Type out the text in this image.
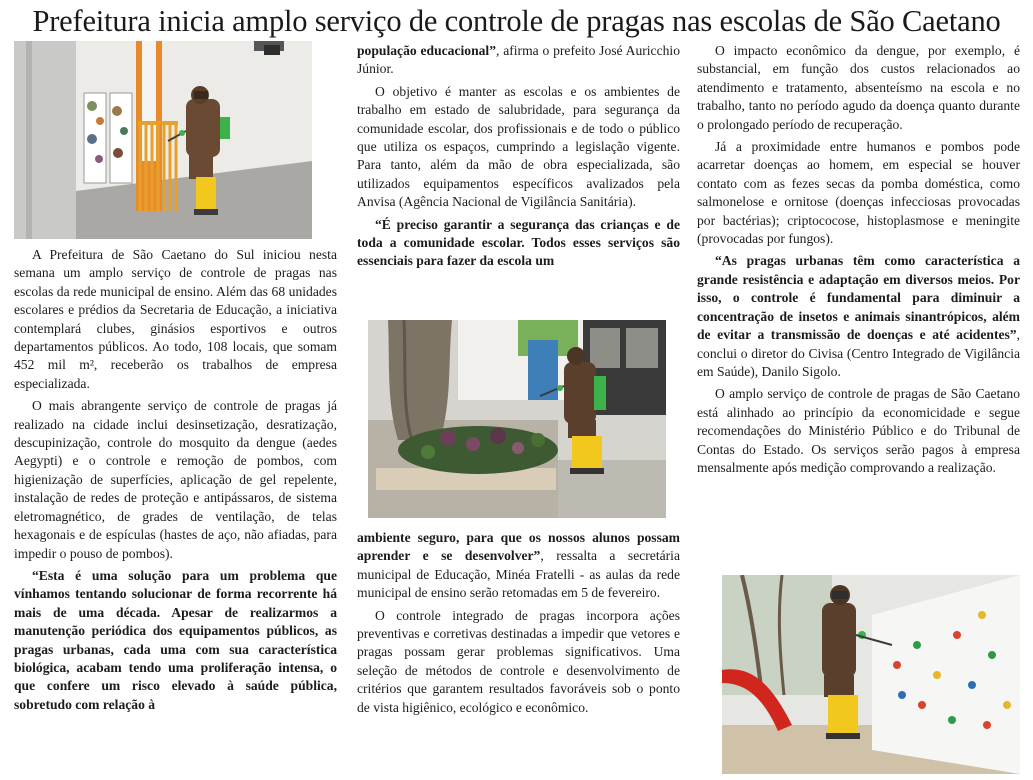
Prefeitura inicia amplo serviço de controle de pragas nas escolas de São Caetano

A Prefeitura de São Caetano do Sul iniciou nesta semana um amplo serviço de controle de pragas nas escolas da rede municipal de ensino. Além das 68 unidades escolares e prédios da Secretaria de Educação, a iniciativa contemplará clubes, ginásios esportivos e outros departamentos públicos. Ao todo, 108 locais, que somam 452 mil m², receberão os trabalhos de empresa especializada.

O mais abrangente serviço de controle de pragas já realizado na cidade inclui desinsetização, desratização, descupinização, controle do mosquito da dengue (aedes Aegypti) e o controle e remoção de pombos, com higienização de superfícies, aplicação de gel repelente, instalação de redes de proteção e antipássaros, de sistema eletromagnético, de grades de ventilação, de telas hexagonais e de espículas (hastes de aço, não afiadas, para impedir o pouso de pombos).

“Esta é uma solução para um problema que vínhamos tentando solucionar de forma recorrente há mais de uma década. Apesar de realizarmos a manutenção periódica dos equipamentos públicos, as pragas urbanas, cada uma com sua característica biológica, acabam tendo uma proliferação intensa, o que confere um risco elevado à saúde pública, sobretudo com relação à

população educacional”, afirma o prefeito José Auricchio Júnior.

O objetivo é manter as escolas e os ambientes de trabalho em estado de salubridade, para segurança da comunidade escolar, dos profissionais e de todo o público que utiliza os espaços, cumprindo a legislação vigente. Para tanto, além da mão de obra especializada, são utilizados equipamentos específicos avalizados pela Anvisa (Agência Nacional de Vigilância Sanitária).

“É preciso garantir a segurança das crianças e de toda a comunidade escolar. Todos esses serviços são essenciais para fazer da escola um

ambiente seguro, para que os nossos alunos possam aprender e se desenvolver”, ressalta a secretária municipal de Educação, Minéa Fratelli - as aulas da rede municipal de ensino serão retomadas em 5 de fevereiro.

O controle integrado de pragas incorpora ações preventivas e corretivas destinadas a impedir que vetores e pragas possam gerar problemas significativos. Uma seleção de métodos de controle e desenvolvimento de critérios que garantem resultados favoráveis sob o ponto de vista higiênico, ecológico e econômico.

O impacto econômico da dengue, por exemplo, é substancial, em função dos custos relacionados ao atendimento e tratamento, absenteísmo na escola e no trabalho, tanto no período agudo da doença quanto durante o prolongado período de recuperação.

Já a proximidade entre humanos e pombos pode acarretar doenças ao homem, em especial se houver contato com as fezes secas da pomba doméstica, como salmonelose e ornitose (doenças infecciosas provocadas por bactérias); criptococose, histoplasmose e meningite (provocadas por fungos).

“As pragas urbanas têm como característica a grande resistência e adaptação em diversos meios. Por isso, o controle é fundamental para diminuir a concentração de insetos e animais sinantrópicos, além de evitar a transmissão de doenças e até acidentes”, conclui o diretor do Civisa (Centro Integrado de Vigilância em Saúde), Danilo Sigolo.

O amplo serviço de controle de pragas de São Caetano está alinhado ao princípio da economicidade e segue recomendações do Ministério Público e do Tribunal de Contas do Estado. Os serviços serão pagos à empresa mensalmente após medição comprovando a realização.
